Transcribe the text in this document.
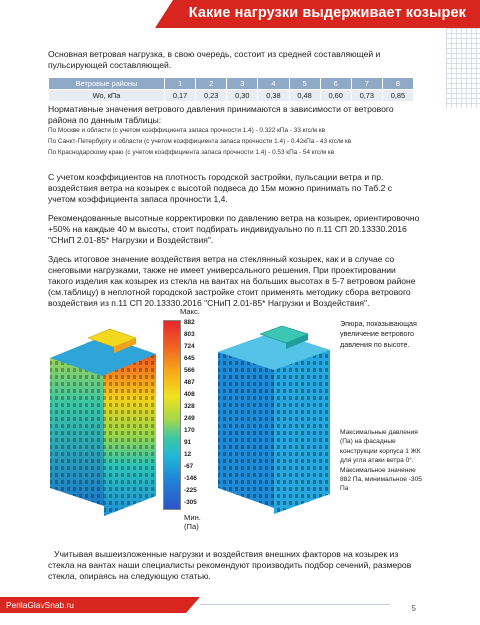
Какие нагрузки выдерживает козырек
Основная ветровая нагрузка, в свою очередь, состоит из средней составляющей и пульсирующей составляющей.
Ветровые районы	1	2	3	4	5	6	7	8
Wo, кПа	0,17	0,23	0,30	0,38	0,48	0,60	0,73	0,85
Нормативные значения ветрового давления принимаются в зависимости от ветрового района по данным таблицы:
По Москве и области (с учетом коэффициента запаса прочности 1.4) - 0.322 кПа - 33 кгс/м кв
По Санкт-Петербургу и области (с учетом коэффициента запаса прочности 1.4) - 0.42кПа - 43 кгс/м кв
По Краснодарскому краю (с учетом коэффициента запаса прочности 1.4) - 0.53 кПа - 54 кгс/м кв
С учетом коэффициентов на плотность городской застройки, пульсации ветра и пр. воздействия ветра на козырек с высотой подвеса до 15м можно принимать по Таб.2 с учетом коэффициента запаса прочности 1,4.
Рекомендованные высотные корректировки по давлению ветра на козырек, ориентировочно +50% на каждые 40 м высоты, стоит подбирать индивидуально по п.11 СП 20.13330.2016 "СНиП 2.01-85* Нагрузки и Воздействия".
Здесь итоговое значение воздействия ветра на стеклянный козырек, как и в случае со снеговыми нагрузками, также не имеет универсального решения. При проектировании такого изделия как козырек из стекла на вантах на больших высотах в 5-7 ветровом районе (см.таблицу) в неплотной городской застройке стоит применять методику сбора ветрового воздействия из п.11 СП 20.13330.2016 "СНиП 2.01-85* Нагрузки и Воздействия".
Макс.
882
803
724
645
566
487
408
328
249
170
91
12
-67
-146
-225
-305
Мин.
(Па)
Эпюра, показывающая увеличение ветрового давления по высоте.
Максимальные давления (Па) на фасадные конструкции корпуса 1 ЖК для угла атаки ветра 0°. Максимальное значение 882 Па, минимальное -305 Па
Учитывая вышеизложенные нагрузки и воздействия внешних факторов на козырек из стекла на вантах наши специалисты рекомендуют производить подбор сечений, размеров стекла, опираясь на следующую статью.
PerilaGlavSnab.ru	5
